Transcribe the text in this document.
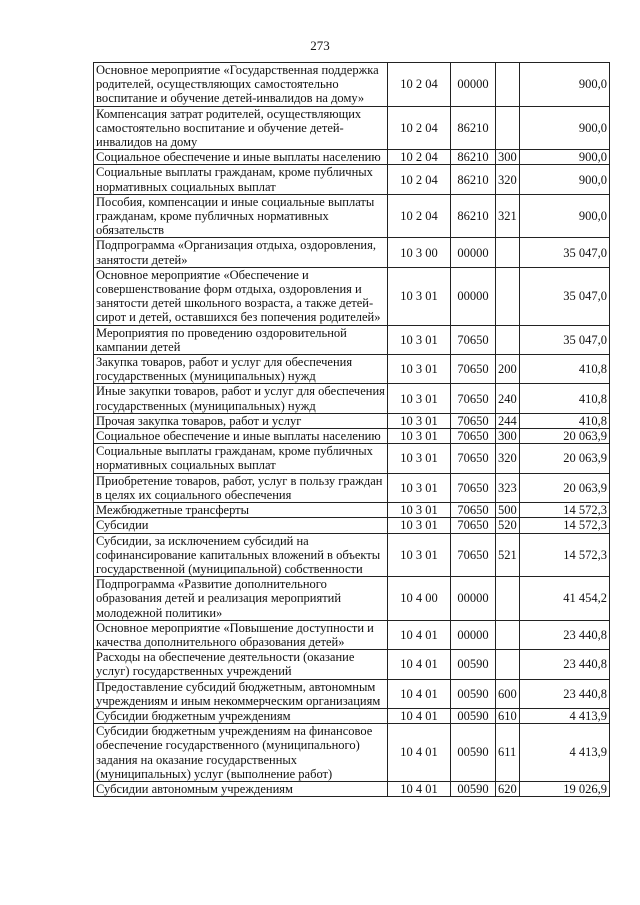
273
Основное мероприятие «Государственная поддержка родителей, осуществляющих самостоятельно воспитание и обучение детей-инвалидов на дому»	10 2 04	00000		900,0
Компенсация затрат родителей, осуществляющих самостоятельно воспитание и обучение детей-инвалидов на дому	10 2 04	86210		900,0
Социальное обеспечение и иные выплаты населению	10 2 04	86210	300	900,0
Социальные выплаты гражданам, кроме публичных нормативных социальных выплат	10 2 04	86210	320	900,0
Пособия, компенсации и иные социальные выплаты гражданам, кроме публичных нормативных обязательств	10 2 04	86210	321	900,0
Подпрограмма «Организация отдыха, оздоровления, занятости детей»	10 3 00	00000		35 047,0
Основное мероприятие «Обеспечение и совершенствование форм отдыха, оздоровления и занятости детей школьного возраста, а также детей-сирот и детей, оставшихся без попечения родителей»	10 3 01	00000		35 047,0
Мероприятия по проведению оздоровительной кампании детей	10 3 01	70650		35 047,0
Закупка товаров, работ и услуг для обеспечения государственных (муниципальных) нужд	10 3 01	70650	200	410,8
Иные закупки товаров, работ и услуг для обеспечения государственных (муниципальных) нужд	10 3 01	70650	240	410,8
Прочая закупка товаров, работ и услуг	10 3 01	70650	244	410,8
Социальное обеспечение и иные выплаты населению	10 3 01	70650	300	20 063,9
Социальные выплаты гражданам, кроме публичных нормативных социальных выплат	10 3 01	70650	320	20 063,9
Приобретение товаров, работ, услуг в пользу граждан в целях их социального обеспечения	10 3 01	70650	323	20 063,9
Межбюджетные трансферты	10 3 01	70650	500	14 572,3
Субсидии	10 3 01	70650	520	14 572,3
Субсидии, за исключением субсидий на софинансирование капитальных вложений в объекты государственной (муниципальной) собственности	10 3 01	70650	521	14 572,3
Подпрограмма «Развитие дополнительного образования детей и реализация мероприятий молодежной политики»	10 4 00	00000		41 454,2
Основное мероприятие «Повышение доступности и качества дополнительного образования детей»	10 4 01	00000		23 440,8
Расходы на обеспечение деятельности (оказание услуг) государственных учреждений	10 4 01	00590		23 440,8
Предоставление субсидий бюджетным, автономным учреждениям и иным некоммерческим организациям	10 4 01	00590	600	23 440,8
Субсидии бюджетным учреждениям	10 4 01	00590	610	4 413,9
Субсидии бюджетным учреждениям на финансовое обеспечение государственного (муниципального) задания на оказание государственных (муниципальных) услуг (выполнение работ)	10 4 01	00590	611	4 413,9
Субсидии автономным учреждениям	10 4 01	00590	620	19 026,9
